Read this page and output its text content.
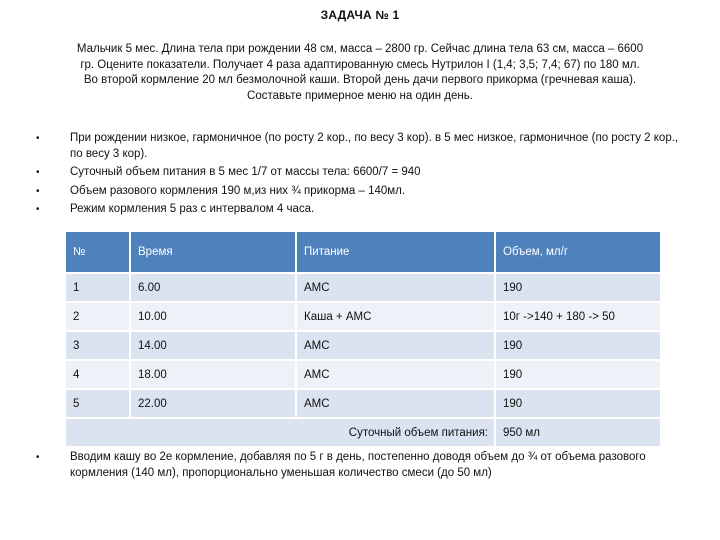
ЗАДАЧА № 1
Мальчик 5 мес. Длина тела при рождении 48 см, масса – 2800 гр. Сейчас длина тела 63 см, масса – 6600
гр. Оцените показатели. Получает 4 раза адаптированную смесь Нутрилон I (1,4; 3,5; 7,4; 67) по 180 мл.
Во второй кормление 20 мл безмолочной каши. Второй день дачи первого прикорма (гречневая каша).
Составьте примерное меню на один день.
•	При рождении низкое, гармоничное (по росту 2 кор., по весу 3 кор). в 5 мес низкое, гармоничное (по росту 2 кор., по весу 3 кор).
•	Суточный объем питания в 5 мес 1/7 от массы тела: 6600/7 = 940
•	Объем разового кормления 190 м,из них ¾ прикорма – 140мл.
•	Режим кормления 5 раз с интервалом 4 часа.
№	Время	Питание	Объем, мл/г
1	6.00	АМС	190
2	10.00	Каша + АМС	10г ->140 + 180 -> 50
3	14.00	АМС	190
4	18.00	АМС	190
5	22.00	АМС	190
Суточный объем питания:			950 мл
•	Вводим кашу во 2е кормление, добавляя по 5 г в день, постепенно доводя объем до ¾ от объема разового кормления (140 мл), пропорционально уменьшая количество смеси (до 50 мл)
